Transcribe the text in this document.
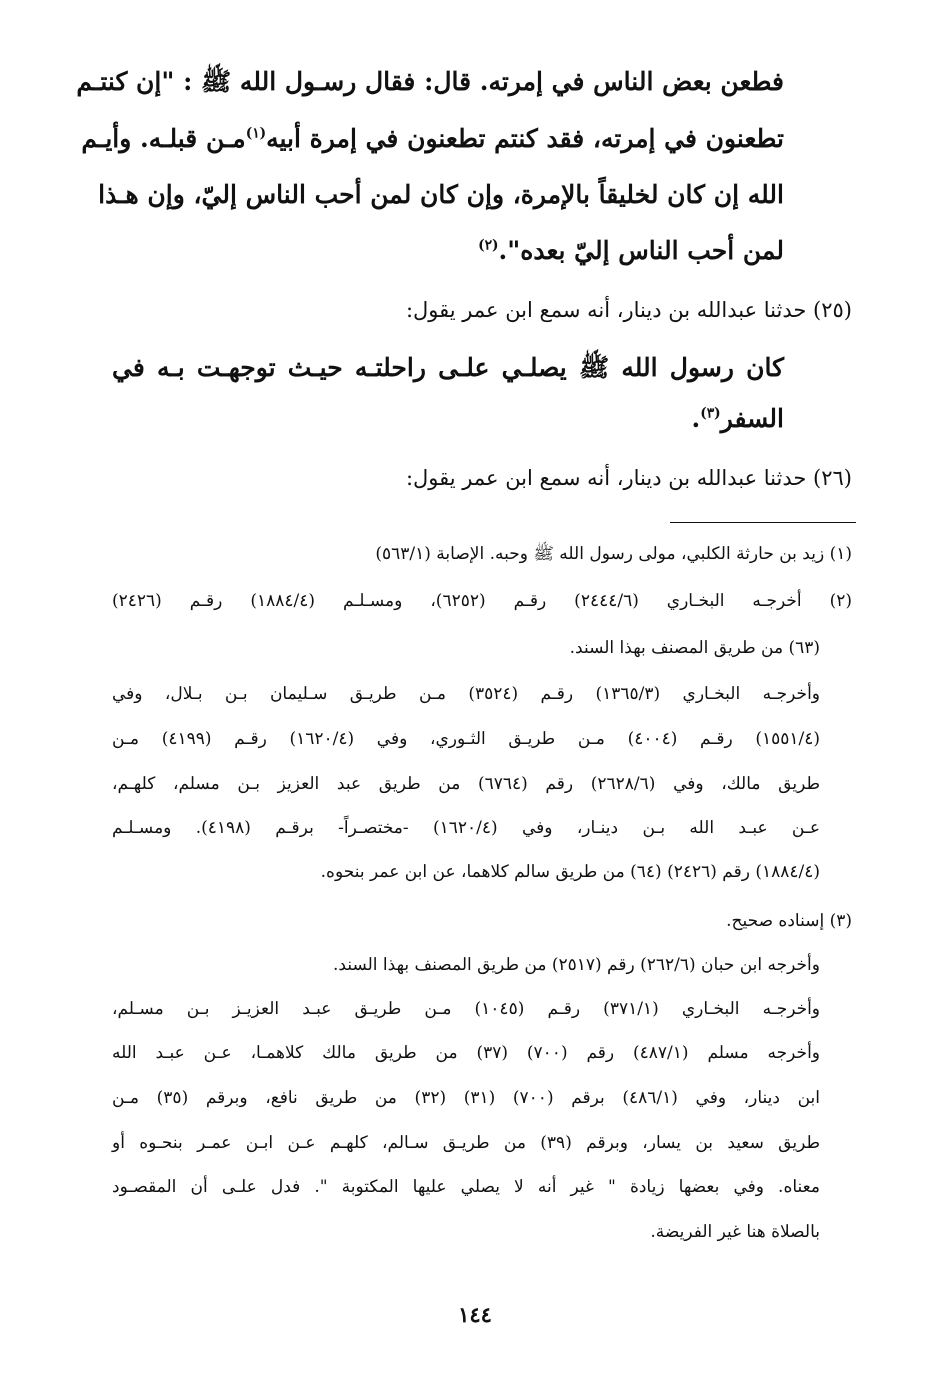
فطعن بعض الناس في إمرته. قال: فقال رسـول الله ﷺ : "إن كنتـم
تطعنون في إمرته، فقد كنتم تطعنون في إمرة أبيه$^{(١)}$مـن قبلـه. وأيـم
الله إن كان لخليقاً بالإمرة، وإن كان لمن أحب الناس إليّ، وإن هـذا
لمن أحب الناس إليّ بعده".$^{(٢)}$
(٢٥) حدثنا عبدالله بن دينار، أنه سمع ابن عمر يقول:
كان رسول الله ﷺ يصلـي علـى راحلتـه حيـث توجهـت بـه في
السفر$^{(٣)}$.
(٢٦) حدثنا عبدالله بن دينار، أنه سمع ابن عمر يقول:
(١) زيد بن حارثة الكلبي، مولى رسول الله ﷺ وحبه. الإصابة (٥٦٣/١)
(٢) أخرجـه البخـاري (٢٤٤٤/٦) رقـم (٦٢٥٢)، ومسـلـم (١٨٨٤/٤) رقـم (٢٤٢٦)
(٦٣) من طريق المصنف بهذا السند.
وأخرجـه البخـاري (١٣٦٥/٣) رقـم (٣٥٢٤) مـن طريـق سـليمان بـن بـلال، وفي
(١٥٥١/٤) رقـم (٤٠٠٤) مـن طريـق الثـوري، وفي (١٦٢٠/٤) رقـم (٤١٩٩) مـن
طريق مالك، وفي (٢٦٢٨/٦) رقم (٦٧٦٤) من طريق عبد العزيز بـن مسلم، كلهـم،
عـن عبـد الله بـن دينـار، وفي (١٦٢٠/٤) -مختصـراً- برقـم (٤١٩٨). ومسـلـم
(١٨٨٤/٤) رقم (٢٤٢٦) (٦٤) من طريق سالم كلاهما، عن ابن عمر بنحوه.
(٣) إسناده صحيح.
وأخرجه ابن حبان (٢٦٢/٦) رقم (٢٥١٧) من طريق المصنف بهذا السند.
وأخرجـه البخـاري (٣٧١/١) رقـم (١٠٤٥) مـن طريـق عبـد العزيـز بـن مسـلم،
وأخرجه مسلم (٤٨٧/١) رقم (٧٠٠) (٣٧) من طريق مالك كلاهمـا، عـن عبـد الله
ابن دينار، وفي (٤٨٦/١) برقم (٧٠٠) (٣١) (٣٢) من طريق نافع، وبرقم (٣٥) مـن
طريق سعيد بن يسار، وبرقم (٣٩) من طريـق سـالم، كلهـم عـن ابـن عمـر بنحـوه أو
معناه. وفي بعضها زيادة " غير أنه لا يصلي عليها المكتوبة ". فدل علـى أن المقصـود
بالصلاة هنا غير الفريضة.
١٤٤
